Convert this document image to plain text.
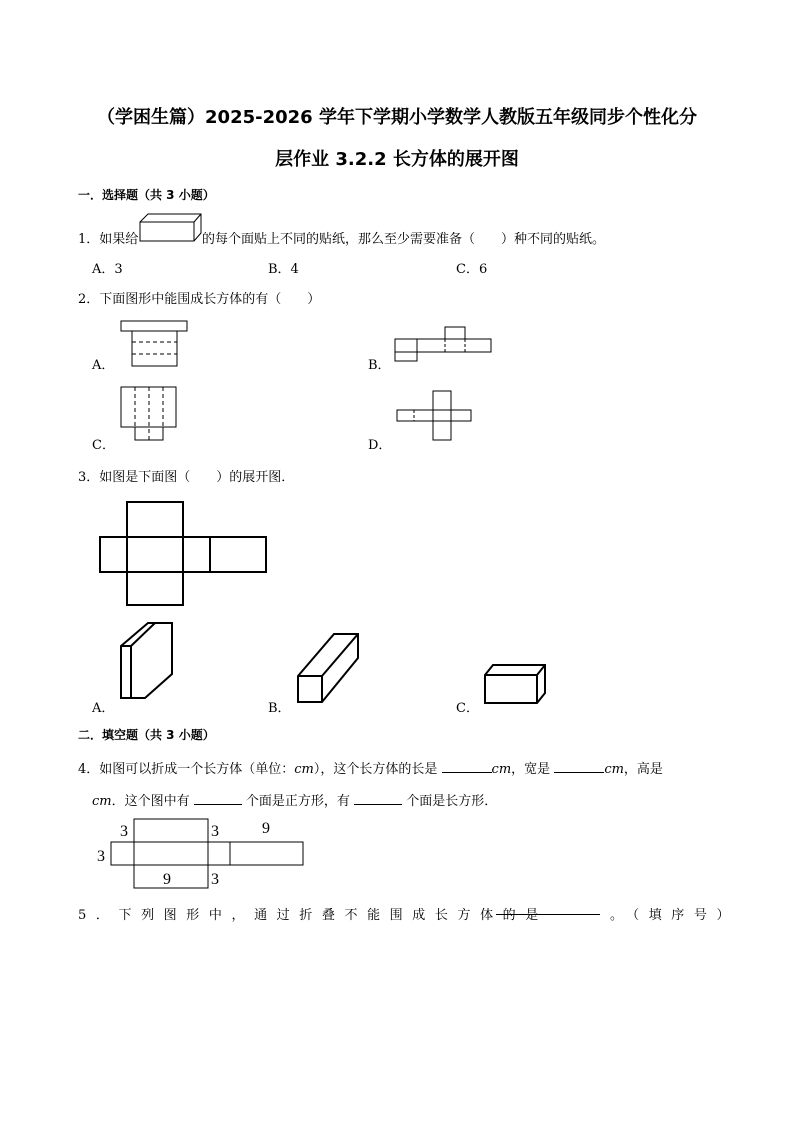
（学困生篇）2025-2026 学年下学期小学数学人教版五年级同步个性化分
层作业 3.2.2 长方体的展开图
一．选择题（共 3 小题）
1．如果给	的每个面贴上不同的贴纸，那么至少需要准备（　　）种不同的贴纸。
A．3	B．4	C．6
2．下面图形中能围成长方体的有（　　）
A．	B．
C．	D．
3．如图是下面图（　　）的展开图．
A．	B．	C．
二．填空题（共 3 小题）
4．如图可以折成一个长方体（单位：cm），这个长方体的长是	cm，宽是	cm，高是
cm．这个图中有	个面是正方形，有	个面是长方形．
3	3	9
3
9	3
5．下列图形中，通过折叠不能围成长方体的是	。（填序号）
